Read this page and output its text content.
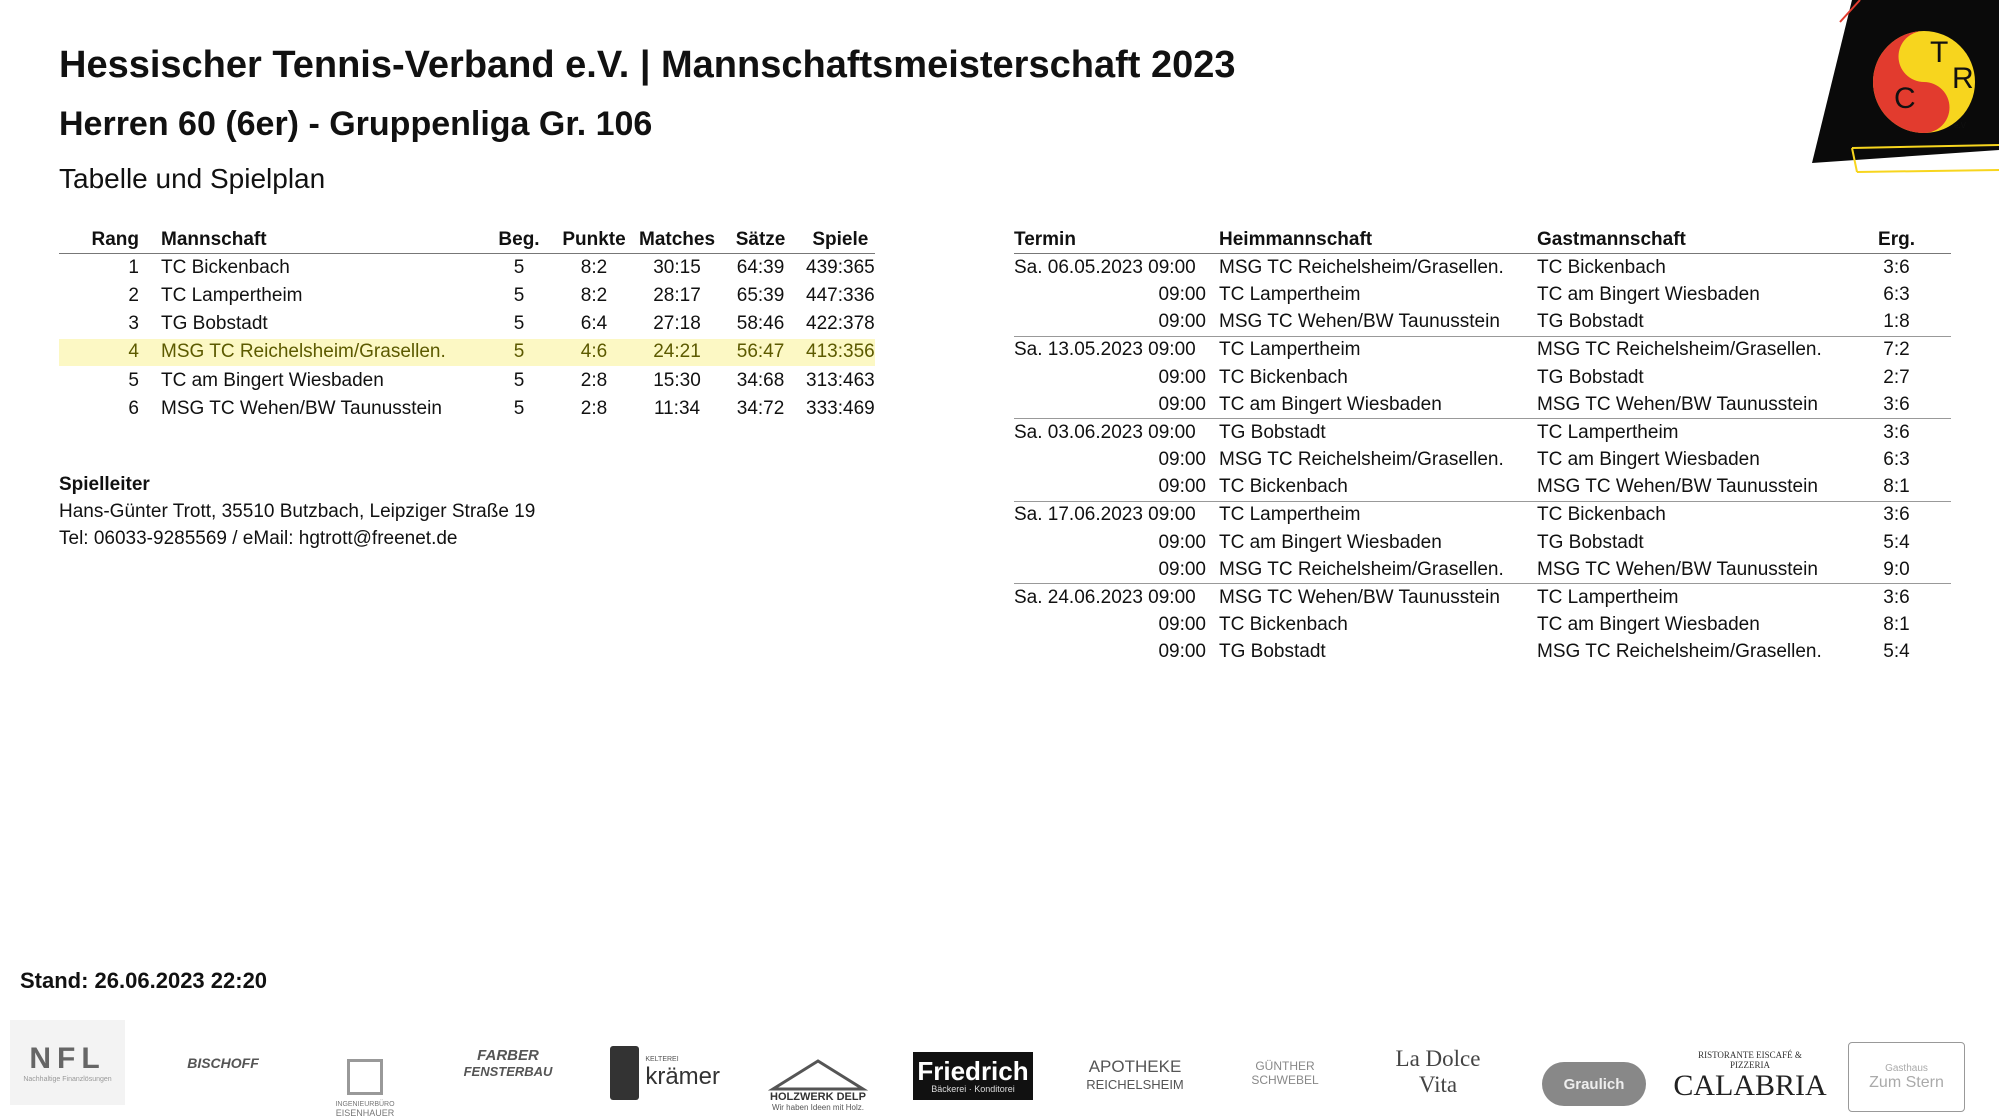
Hessischer Tennis-Verband e.V. | Mannschaftsmeisterschaft 2023
Herren 60 (6er) - Gruppenliga Gr. 106
Tabelle und Spielplan
T
C
R
e.V
Rang	Mannschaft	Beg.	Punkte	Matches	Sätze	Spiele
1	TC Bickenbach	5	8:2	30:15	64:39	439:365
2	TC Lampertheim	5	8:2	28:17	65:39	447:336
3	TG Bobstadt	5	6:4	27:18	58:46	422:378
4	MSG TC Reichelsheim/Grasellen.	5	4:6	24:21	56:47	413:356
5	TC am Bingert Wiesbaden	5	2:8	15:30	34:68	313:463
6	MSG TC Wehen/BW Taunusstein	5	2:8	11:34	34:72	333:469
Spielleiter
Hans-Günter Trott, 35510 Butzbach, Leipziger Straße 19
Tel: 06033-9285569 / eMail: hgtrott@freenet.de
Termin	Heimmannschaft	Gastmannschaft	Erg.
Sa. 06.05.2023 09:00	MSG TC Reichelsheim/Grasellen.	TC Bickenbach	3:6
09:00	TC Lampertheim	TC am Bingert Wiesbaden	6:3
09:00	MSG TC Wehen/BW Taunusstein	TG Bobstadt	1:8
Sa. 13.05.2023 09:00	TC Lampertheim	MSG TC Reichelsheim/Grasellen.	7:2
09:00	TC Bickenbach	TG Bobstadt	2:7
09:00	TC am Bingert Wiesbaden	MSG TC Wehen/BW Taunusstein	3:6
Sa. 03.06.2023 09:00	TG Bobstadt	TC Lampertheim	3:6
09:00	MSG TC Reichelsheim/Grasellen.	TC am Bingert Wiesbaden	6:3
09:00	TC Bickenbach	MSG TC Wehen/BW Taunusstein	8:1
Sa. 17.06.2023 09:00	TC Lampertheim	TC Bickenbach	3:6
09:00	TC am Bingert Wiesbaden	TG Bobstadt	5:4
09:00	MSG TC Reichelsheim/Grasellen.	MSG TC Wehen/BW Taunusstein	9:0
Sa. 24.06.2023 09:00	MSG TC Wehen/BW Taunusstein	TC Lampertheim	3:6
09:00	TC Bickenbach	TC am Bingert Wiesbaden	8:1
09:00	TG Bobstadt	MSG TC Reichelsheim/Grasellen.	5:4
Stand: 26.06.2023 22:20
NFL
Nachhaltige Finanzlösungen
BISCHOFF
INGENIEURBÜRO
EISENHAUER
FARBER
FENSTERBAU
KELTEREI
krämer
HOLZWERK DELP
Wir haben Ideen mit Holz.
Friedrich
Bäckerei · Konditorei
APOTHEKE
REICHELSHEIM
GÜNTHER SCHWEBEL
La Dolce Vita	Graulich
RISTORANTE EISCAFÉ & PIZZERIA
CALABRIA
Gasthaus
Zum Stern
